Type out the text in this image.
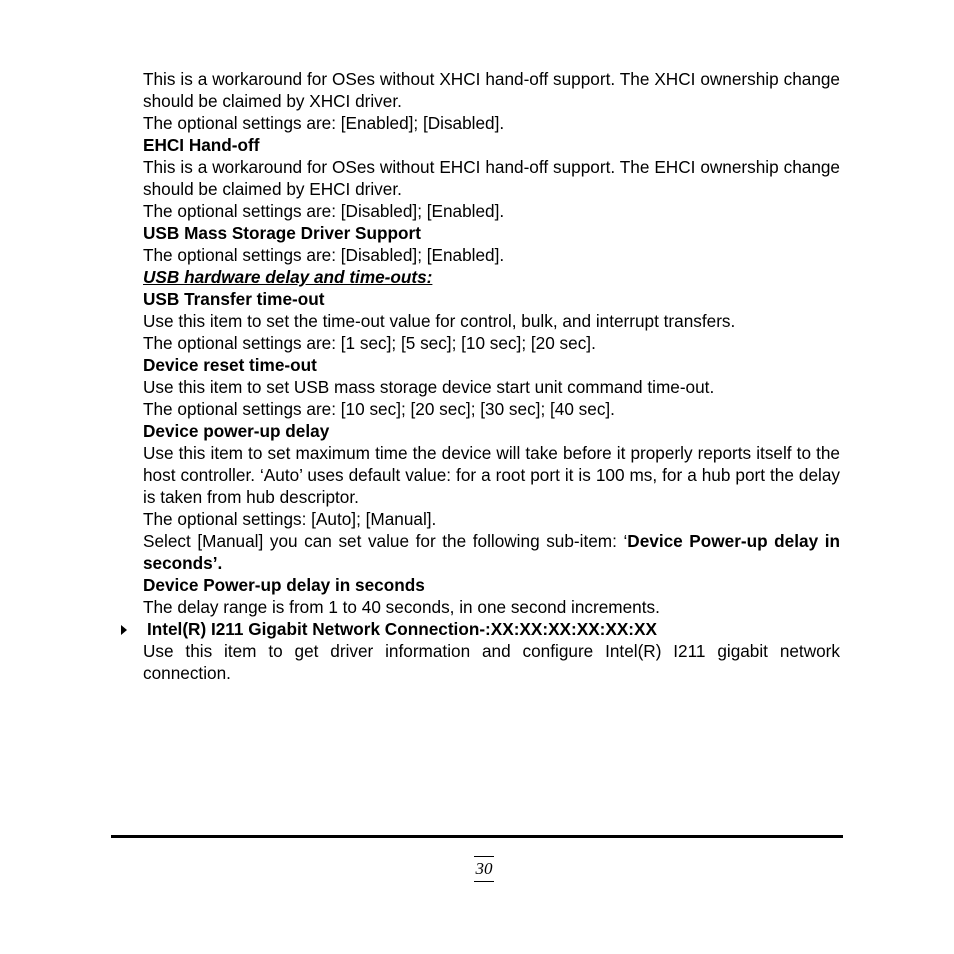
This is a workaround for OSes without XHCI hand-off support. The XHCI ownership change should be claimed by XHCI driver.

The optional settings are: [Enabled]; [Disabled].

EHCI Hand-off

This is a workaround for OSes without EHCI hand-off support. The EHCI ownership change should be claimed by EHCI driver.

The optional settings are: [Disabled]; [Enabled].

USB Mass Storage Driver Support

The optional settings are: [Disabled]; [Enabled].

USB hardware delay and time-outs:

USB Transfer time-out

Use this item to set the time-out value for control, bulk, and interrupt transfers.

The optional settings are: [1 sec]; [5 sec]; [10 sec]; [20 sec].

Device reset time-out

Use this item to set USB mass storage device start unit command time-out.

The optional settings are: [10 sec]; [20 sec]; [30 sec]; [40 sec].

Device power-up delay

Use this item to set maximum time the device will take before it properly reports itself to the host controller. ‘Auto’ uses default value: for a root port it is 100 ms, for a hub port the delay is taken from hub descriptor.

The optional settings: [Auto]; [Manual].

Select [Manual] you can set value for the following sub-item: ‘Device Power-up delay in seconds’.

Device Power-up delay in seconds

The delay range is from 1 to 40 seconds, in one second increments.

Intel(R) I211 Gigabit Network Connection-:XX:XX:XX:XX:XX:XX

Use this item to get driver information and configure Intel(R) I211 gigabit network connection.

30
